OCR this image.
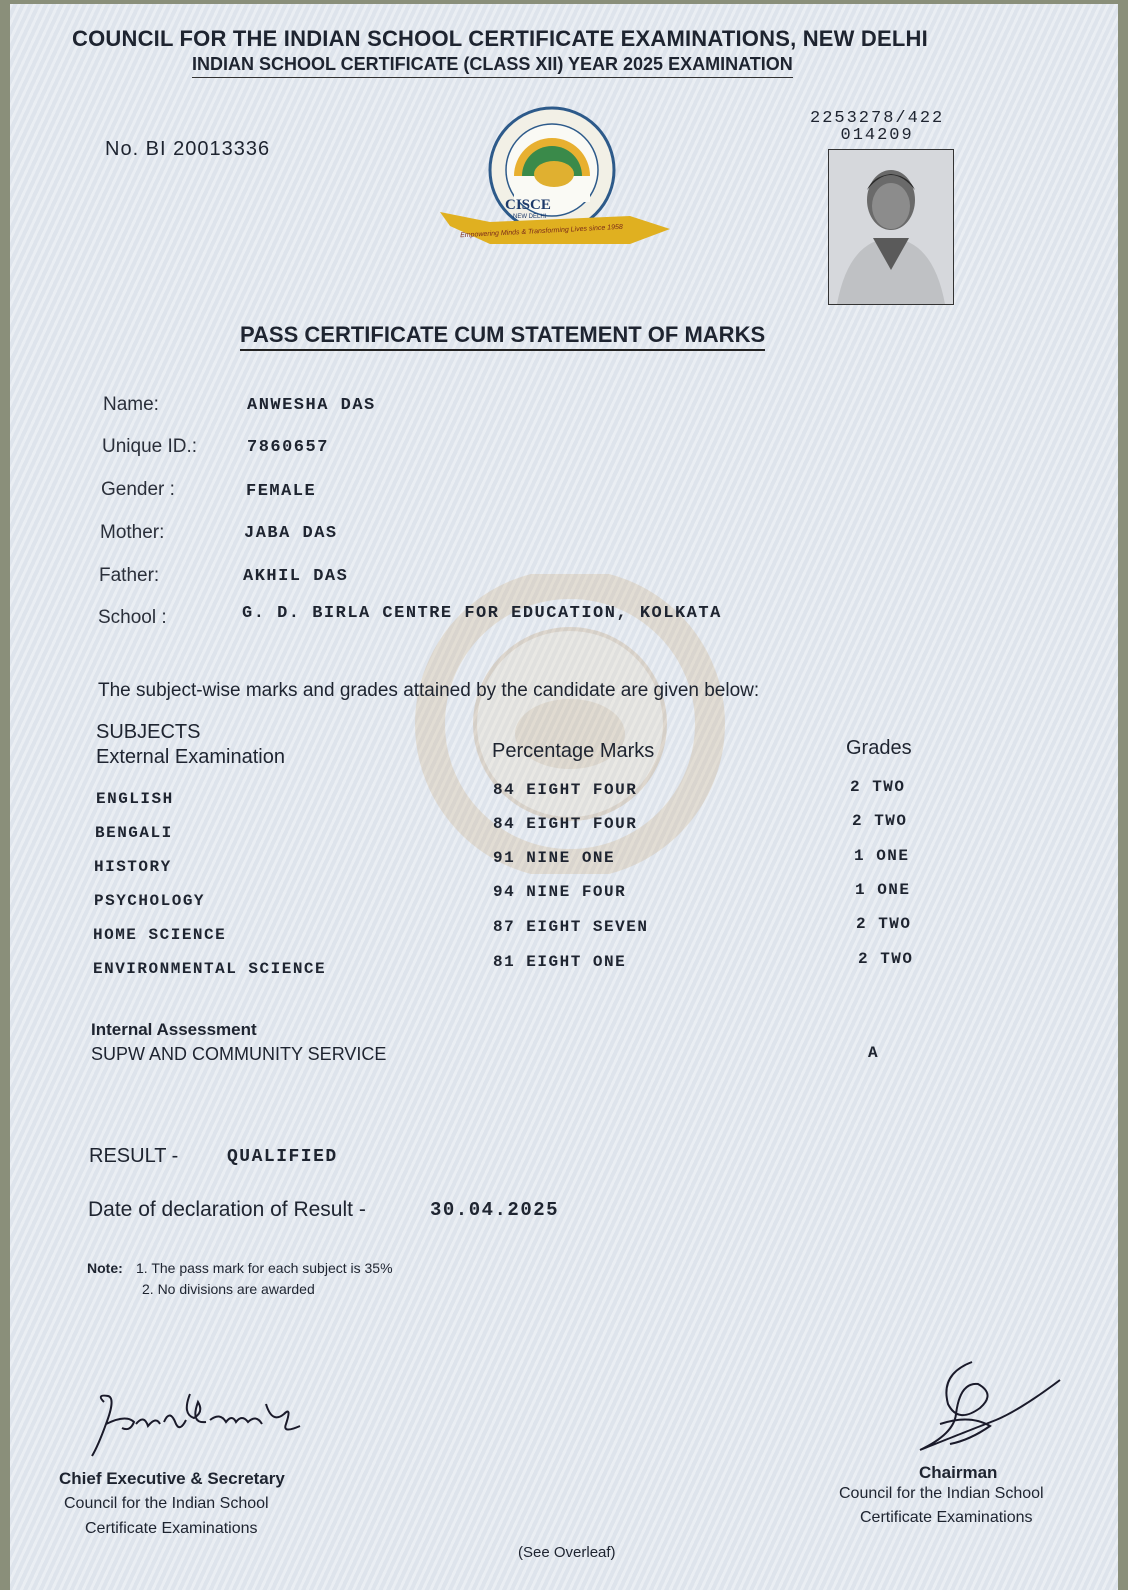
COUNCIL FOR THE INDIAN SCHOOL CERTIFICATE EXAMINATIONS, NEW DELHI
INDIAN SCHOOL CERTIFICATE (CLASS XII) YEAR 2025 EXAMINATION
No. BI 20013336
2253278/422
014209
CISCE
NEW DELHI
Empowering Minds & Transforming Lives since 1958
PASS CERTIFICATE CUM STATEMENT OF MARKS
Name:	ANWESHA DAS
Unique ID.:	7860657
Gender :	FEMALE
Mother:	JABA DAS
Father:	AKHIL DAS
School :	G. D. BIRLA CENTRE FOR EDUCATION, KOLKATA
The subject-wise marks and grades attained by the candidate are given below:
SUBJECTS
External Examination	Percentage Marks	Grades
ENGLISH	84 EIGHT FOUR	2 TWO
BENGALI	84 EIGHT FOUR	2 TWO
HISTORY	91 NINE ONE	1 ONE
PSYCHOLOGY	94 NINE FOUR	1 ONE
HOME SCIENCE	87 EIGHT SEVEN	2 TWO
ENVIRONMENTAL SCIENCE	81 EIGHT ONE	2 TWO
Internal Assessment
SUPW AND COMMUNITY SERVICE	A
RESULT -	QUALIFIED
Date of declaration of Result -	30.04.2025
Note: 1. The pass mark for each subject is 35%
2. No divisions are awarded
Chief Executive & Secretary
Council for the Indian School
Certificate Examinations
Chairman
Council for the Indian School
Certificate Examinations
(See Overleaf)
